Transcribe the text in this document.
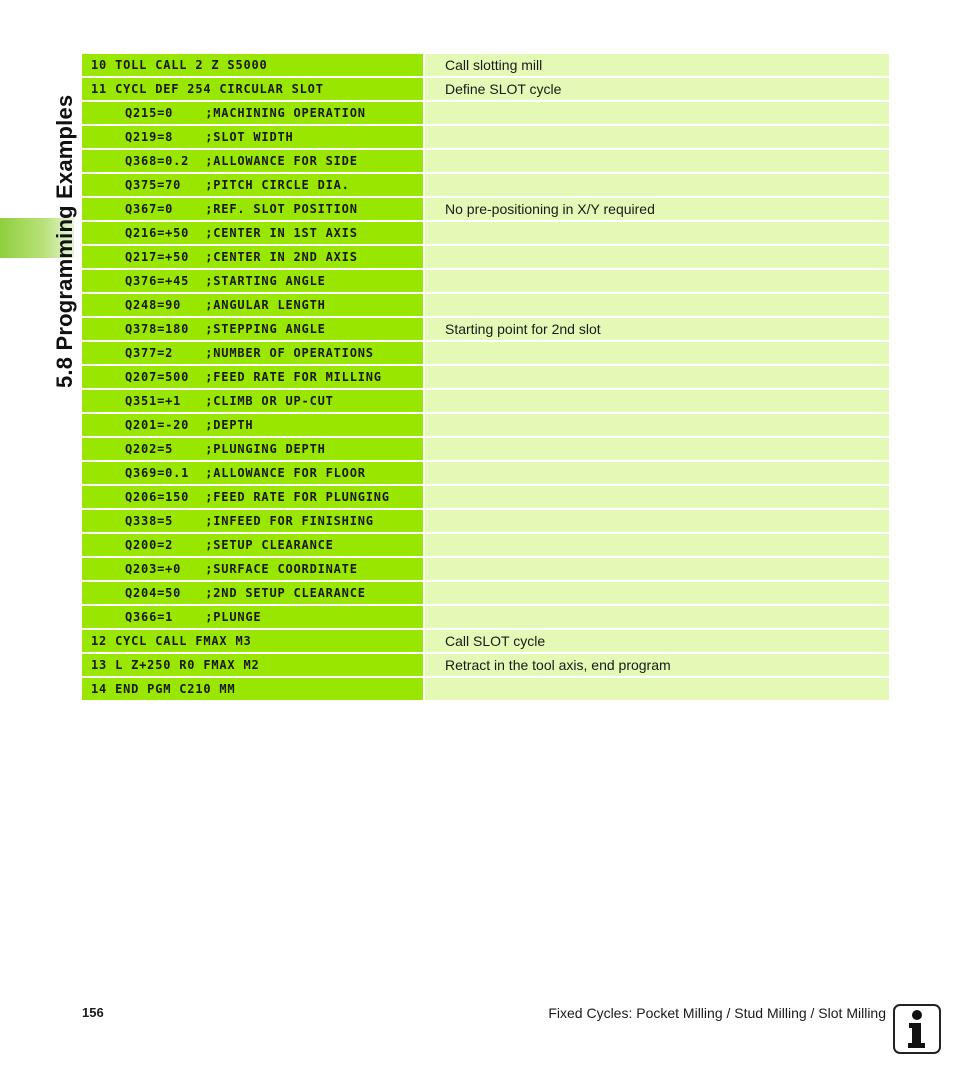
5.8 Programming Examples
10 TOLL CALL 2 Z S5000	Call slotting mill
11 CYCL DEF 254 CIRCULAR SLOT	Define SLOT cycle
Q215=0    ;MACHINING OPERATION
Q219=8    ;SLOT WIDTH
Q368=0.2  ;ALLOWANCE FOR SIDE
Q375=70   ;PITCH CIRCLE DIA.
Q367=0    ;REF. SLOT POSITION	No pre-positioning in X/Y required
Q216=+50  ;CENTER IN 1ST AXIS
Q217=+50  ;CENTER IN 2ND AXIS
Q376=+45  ;STARTING ANGLE
Q248=90   ;ANGULAR LENGTH
Q378=180  ;STEPPING ANGLE	Starting point for 2nd slot
Q377=2    ;NUMBER OF OPERATIONS
Q207=500  ;FEED RATE FOR MILLING
Q351=+1   ;CLIMB OR UP-CUT
Q201=-20  ;DEPTH
Q202=5    ;PLUNGING DEPTH
Q369=0.1  ;ALLOWANCE FOR FLOOR
Q206=150  ;FEED RATE FOR PLUNGING
Q338=5    ;INFEED FOR FINISHING
Q200=2    ;SETUP CLEARANCE
Q203=+0   ;SURFACE COORDINATE
Q204=50   ;2ND SETUP CLEARANCE
Q366=1    ;PLUNGE
12 CYCL CALL FMAX M3	Call SLOT cycle
13 L Z+250 R0 FMAX M2	Retract in the tool axis, end program
14 END PGM C210 MM
156	Fixed Cycles: Pocket Milling / Stud Milling / Slot Milling
